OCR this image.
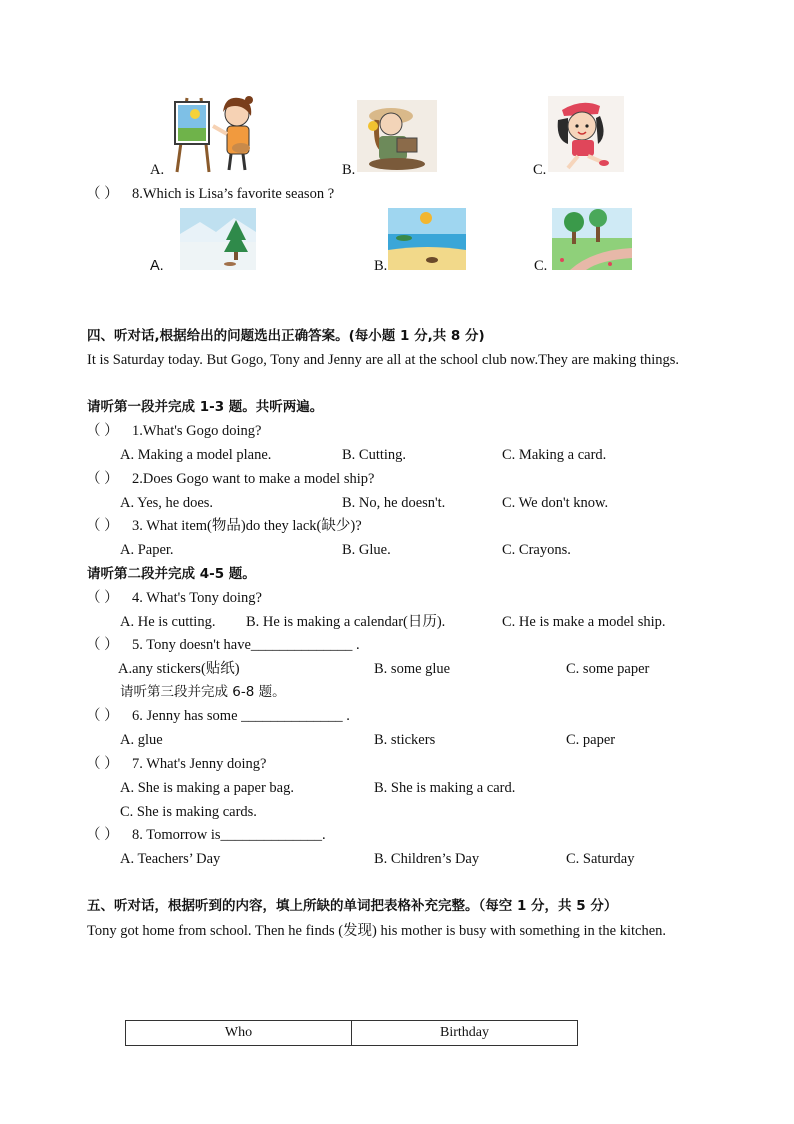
A.	B.	C.
（ ） 8.Which is Lisa’s favorite season ?
A.	B.	C.
四、听对话,根据给出的问题选出正确答案。(每小题 1 分,共 8 分)
It is Saturday today. But Gogo, Tony and Jenny are all at the school club now.They are making things.
请听第一段并完成 1-3 题。共听两遍。
（ ） 1.What's Gogo doing?
A. Making a model plane.	B. Cutting.	C. Making a card.
（ ） 2.Does Gogo want to make a model ship?
A. Yes, he does.	B. No, he doesn't.	C. We don't know.
（ ） 3. What item(物品)do they lack(缺少)?
A. Paper.	B. Glue.	C. Crayons.
请听第二段并完成 4-5 题。
（ ） 4. What's Tony doing?
A. He is cutting. B. He is making a calendar(日历).	C. He is make a model ship.
（ ） 5. Tony doesn't have______________ .
A.any stickers(贴纸)	B. some glue	C. some paper
请听第三段并完成 6-8 题。
（ ） 6. Jenny has some ______________ .
A. glue	B. stickers	C. paper
（ ） 7. What's Jenny doing?
A. She is making a paper bag.	B. She is making a card.
C. She is making cards.
（ ） 8. Tomorrow is______________.
A. Teachers’ Day	B. Children’s Day	C. Saturday
五、听对话，根据听到的内容，填上所缺的单词把表格补充完整。（每空 1 分，共 5 分）
Tony got home from school. Then he finds (发现) his mother is busy with something in the kitchen.
Who	Birthday
